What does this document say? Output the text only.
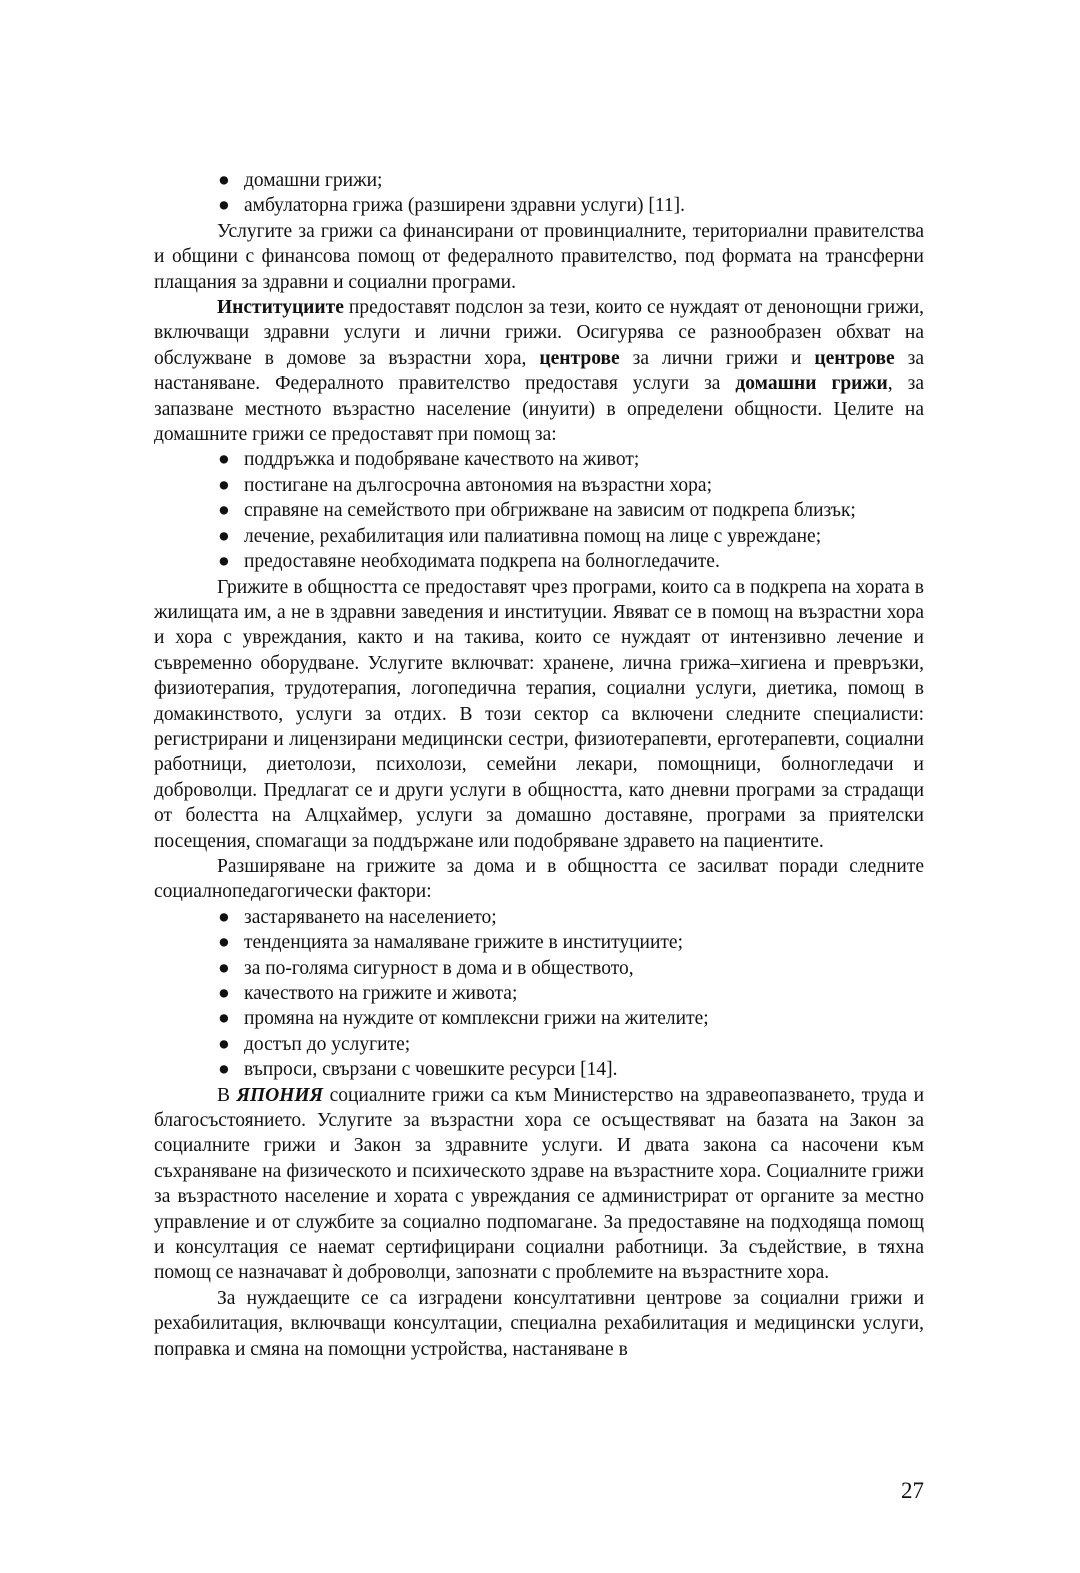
● домашни грижи;

● амбулаторна грижа (разширени здравни услуги) [11].

Услугите за грижи са финансирани от провинциалните, териториални правителства и общини с финансова помощ от федералното правителство, под формата на трансферни плащания за здравни и социални програми.

Институциите предоставят подслон за тези, които се нуждаят от денонощни грижи, включващи здравни услуги и лични грижи. Осигурява се разнообразен обхват на обслужване в домове за възрастни хора, центрове за лични грижи и центрове за настаняване. Федералното правителство предоставя услуги за домашни грижи, за запазване местното възрастно население (инуити) в определени общности. Целите на домашните грижи се предоставят при помощ за:

● поддръжка и подобряване качеството на живот;

● постигане на дългосрочна автономия на възрастни хора;

● справяне на семейството при обгрижване на зависим от подкрепа близък;

● лечение, рехабилитация или палиативна помощ на лице с увреждане;

● предоставяне необходимата подкрепа на болногледачите.

Грижите в общността се предоставят чрез програми, които са в подкрепа на хората в жилищата им, а не в здравни заведения и институции. Явяват се в помощ на възрастни хора и хора с увреждания, както и на такива, които се нуждаят от интензивно лечение и съвременно оборудване. Услугите включват: хранене, лична грижа–хигиена и превръзки, физиотерапия, трудотерапия, логопедична терапия, социални услуги, диетика, помощ в домакинството, услуги за отдих. В този сектор са включени следните специалисти: регистрирани и лицензирани медицински сестри, физиотерапевти, ерготерапевти, социални работници, диетолози, психолози, семейни лекари, помощници, болногледачи и доброволци. Предлагат се и други услуги в общността, като дневни програми за страдащи от болестта на Алцхаймер, услуги за домашно доставяне, програми за приятелски посещения, спомагащи за поддържане или подобряване здравето на пациентите.

Разширяване на грижите за дома и в общността се засилват поради следните социалнопедагогически фактори:

● застаряването на населението;

● тенденцията за намаляване грижите в институциите;

● за по-голяма сигурност в дома и в обществото,

● качеството на грижите и живота;

● промяна на нуждите от комплексни грижи на жителите;

● достъп до услугите;

● въпроси, свързани с човешките ресурси [14].

В ЯПОНИЯ социалните грижи са към Министерство на здравеопазването, труда и благосъстоянието. Услугите за възрастни хора се осъществяват на базата на Закон за социалните грижи и Закон за здравните услуги. И двата закона са насочени към съхраняване на физическото и психическото здраве на възрастните хора. Социалните грижи за възрастното население и хората с увреждания се администрират от органите за местно управление и от службите за социално подпомагане. За предоставяне на подходяща помощ и консултация се наемат сертифицирани социални работници. За съдействие, в тяхна помощ се назначават ѝ доброволци, запознати с проблемите на възрастните хора.

За нуждаещите се са изградени консултативни центрове за социални грижи и рехабилитация, включващи консултации, специална рехабилитация и медицински услуги, поправка и смяна на помощни устройства, настаняване в

27
